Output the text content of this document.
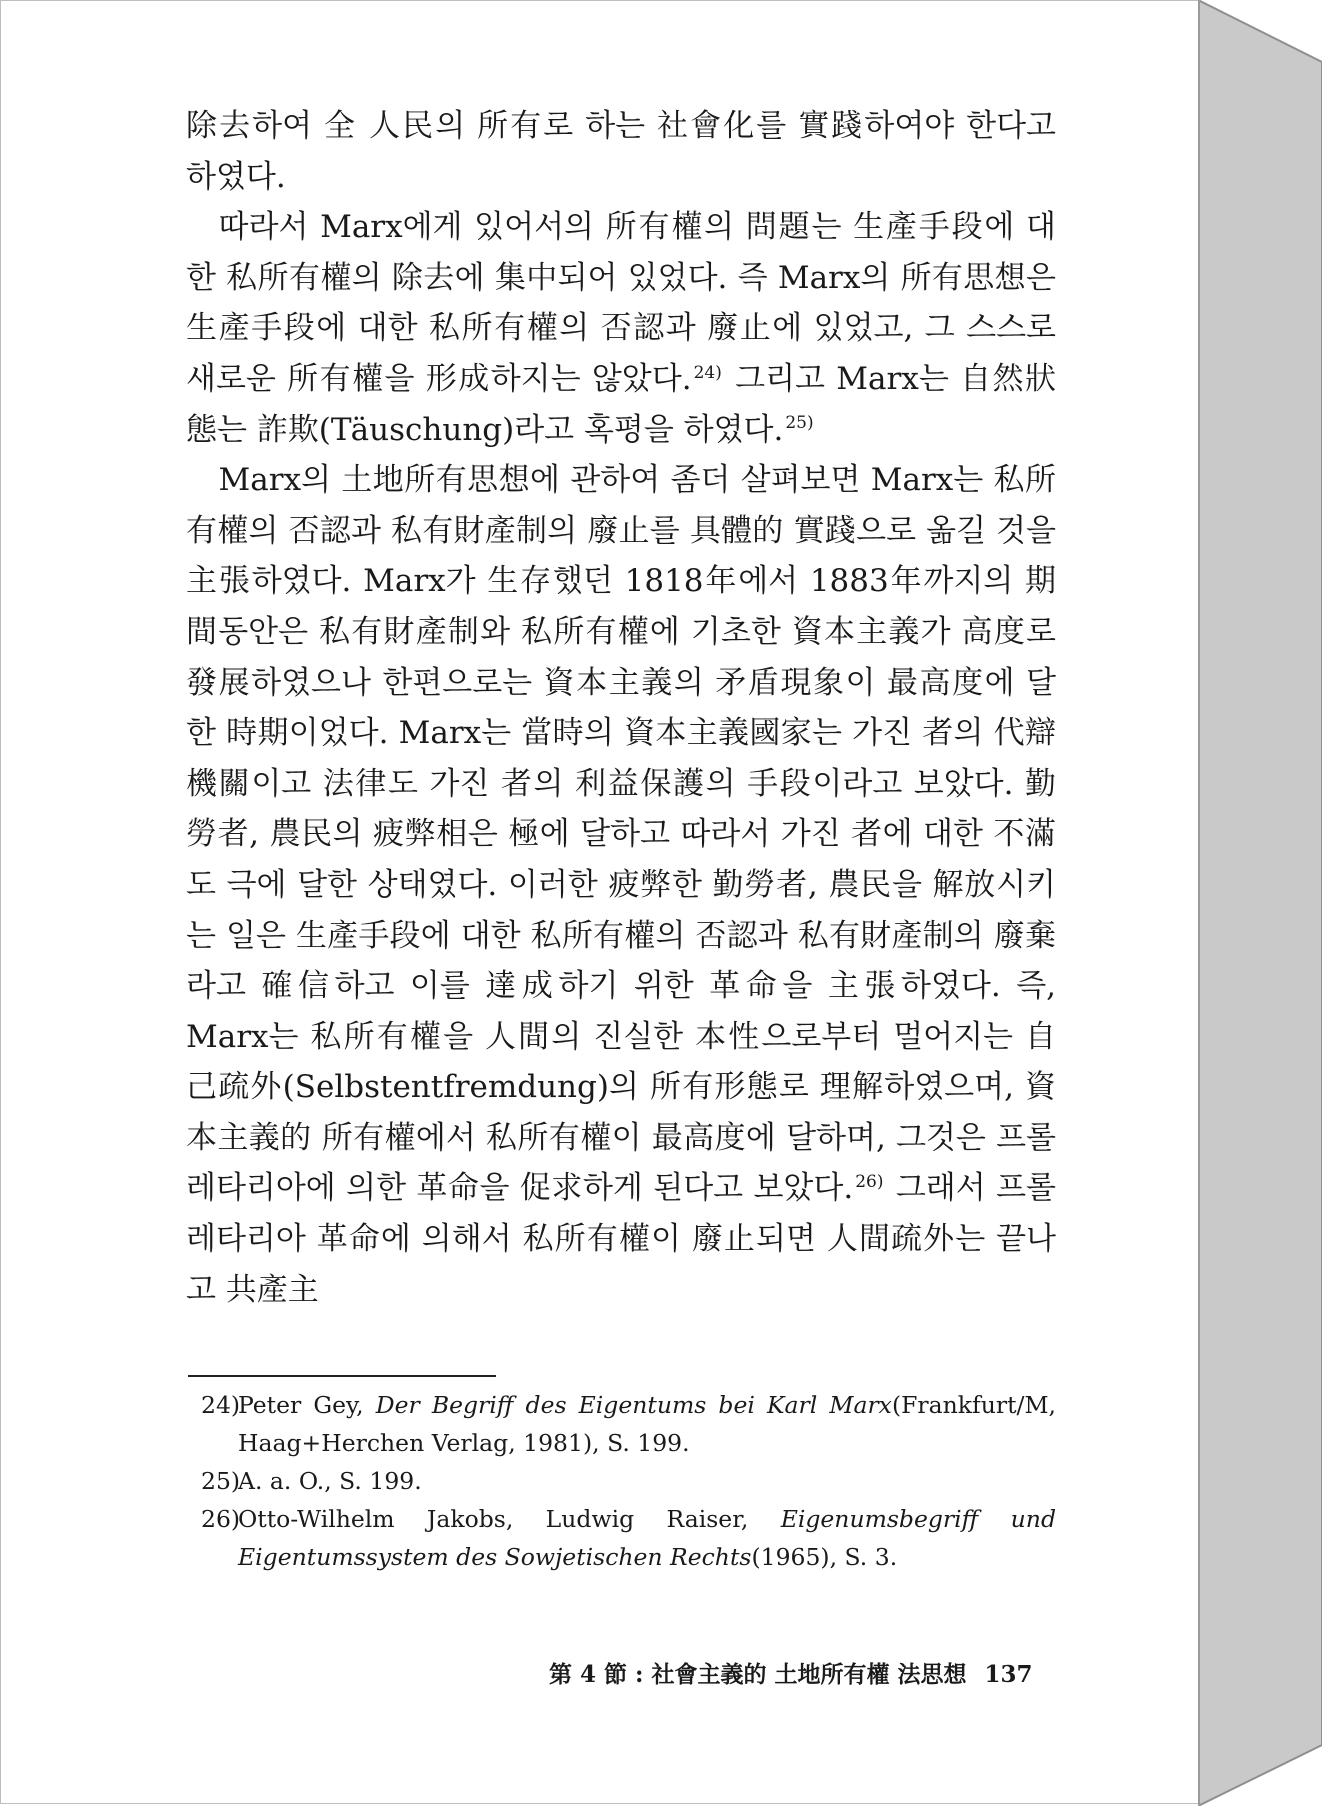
除去하여 全 人民의 所有로 하는 社會化를 實踐하여야 한다고 하였다.

따라서 Marx에게 있어서의 所有權의 問題는 生產手段에 대한 私所有權의 除去에 集中되어 있었다. 즉 Marx의 所有思想은 生產手段에 대한 私所有權의 否認과 廢止에 있었고, 그 스스로 새로운 所有權을 形成하지는 않았다. $^{24)}$ 그리고 Marx는 自然狀態는 詐欺(Täuschung)라고 혹평을 하였다. $^{25)}$

Marx의 土地所有思想에 관하여 좀더 살펴보면 Marx는 私所有權의 否認과 私有財產制의 廢止를 具體的 實踐으로 옮길 것을 主張하였다. Marx가 生存했던 1818年에서 1883年까지의 期間동안은 私有財產制와 私所有權에 기초한 資本主義가 高度로 發展하였으나 한편으로는 資本主義의 矛盾現象이 最高度에 달한 時期이었다. Marx는 當時의 資本主義國家는 가진 者의 代辯機關이고 法律도 가진 者의 利益保護의 手段이라고 보았다. 勤勞者, 農民의 疲弊相은 極에 달하고 따라서 가진 者에 대한 不滿도 극에 달한 상태였다. 이러한 疲弊한 勤勞者, 農民을 解放시키는 일은 生產手段에 대한 私所有權의 否認과 私有財產制의 廢棄라고 確信하고 이를 達成하기 위한 革命을 主張하였다. 즉, Marx는 私所有權을 人間의 진실한 本性으로부터 멀어지는 自己疏外(Selbstentfremdung)의 所有形態로 理解하였으며, 資本主義的 所有權에서 私所有權이 最高度에 달하며, 그것은 프롤레타리아에 의한 革命을 促求하게 된다고 보았다. $^{26)}$ 그래서 프롤레타리아 革命에 의해서 私所有權이 廢止되면 人間疏外는 끝나고 共產主

24)
Peter Gey, Der Begriff des Eigentums bei Karl Marx(Frankfurt/M, Haag+Herchen Verlag, 1981), S. 199.
25)
A. a. O., S. 199.
26)
Otto-Wilhelm Jakobs, Ludwig Raiser, Eigenumsbegriff und Eigentumssystem des Sowjetischen Rechts(1965), S. 3.
第 4 節 : 社會主義的 土地所有權 法思想 137
